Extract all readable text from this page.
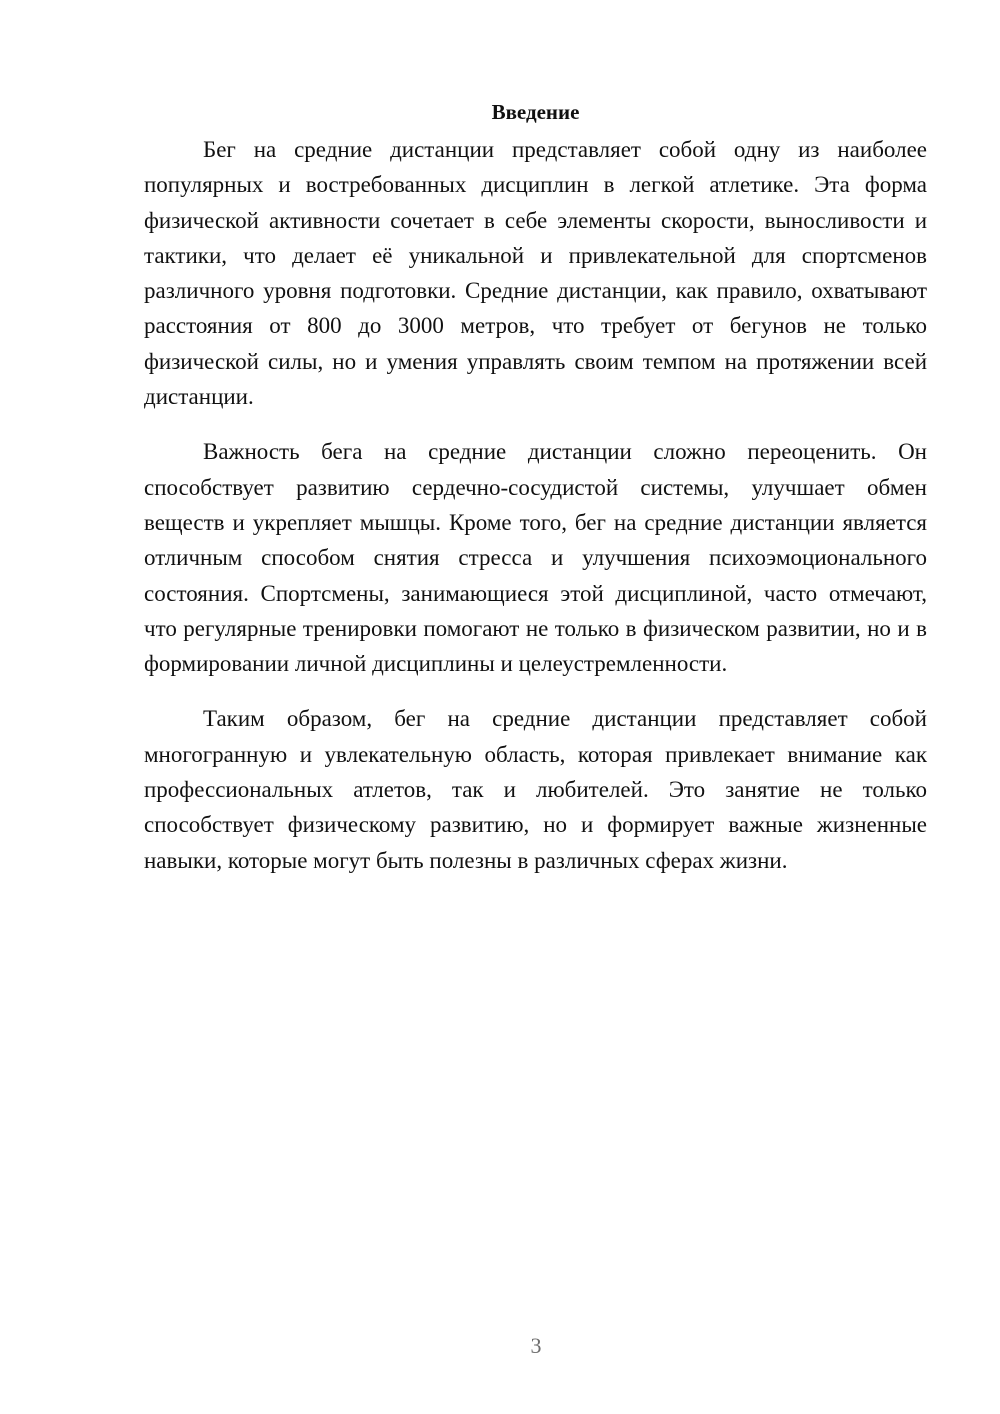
Введение

Бег на средние дистанции представляет собой одну из наиболее популярных и востребованных дисциплин в легкой атлетике. Эта форма физической активности сочетает в себе элементы скорости, выносливости и тактики, что делает её уникальной и привлекательной для спортсменов различного уровня подготовки. Средние дистанции, как правило, охватывают расстояния от 800 до 3000 метров, что требует от бегунов не только физической силы, но и умения управлять своим темпом на протяжении всей дистанции.

Важность бега на средние дистанции сложно переоценить. Он способствует развитию сердечно-сосудистой системы, улучшает обмен веществ и укрепляет мышцы. Кроме того, бег на средние дистанции является отличным способом снятия стресса и улучшения психоэмоционального состояния. Спортсмены, занимающиеся этой дисциплиной, часто отмечают, что регулярные тренировки помогают не только в физическом развитии, но и в формировании личной дисциплины и целеустремленности.

Таким образом, бег на средние дистанции представляет собой многогранную и увлекательную область, которая привлекает внимание как профессиональных атлетов, так и любителей. Это занятие не только способствует физическому развитию, но и формирует важные жизненные навыки, которые могут быть полезны в различных сферах жизни.

3
